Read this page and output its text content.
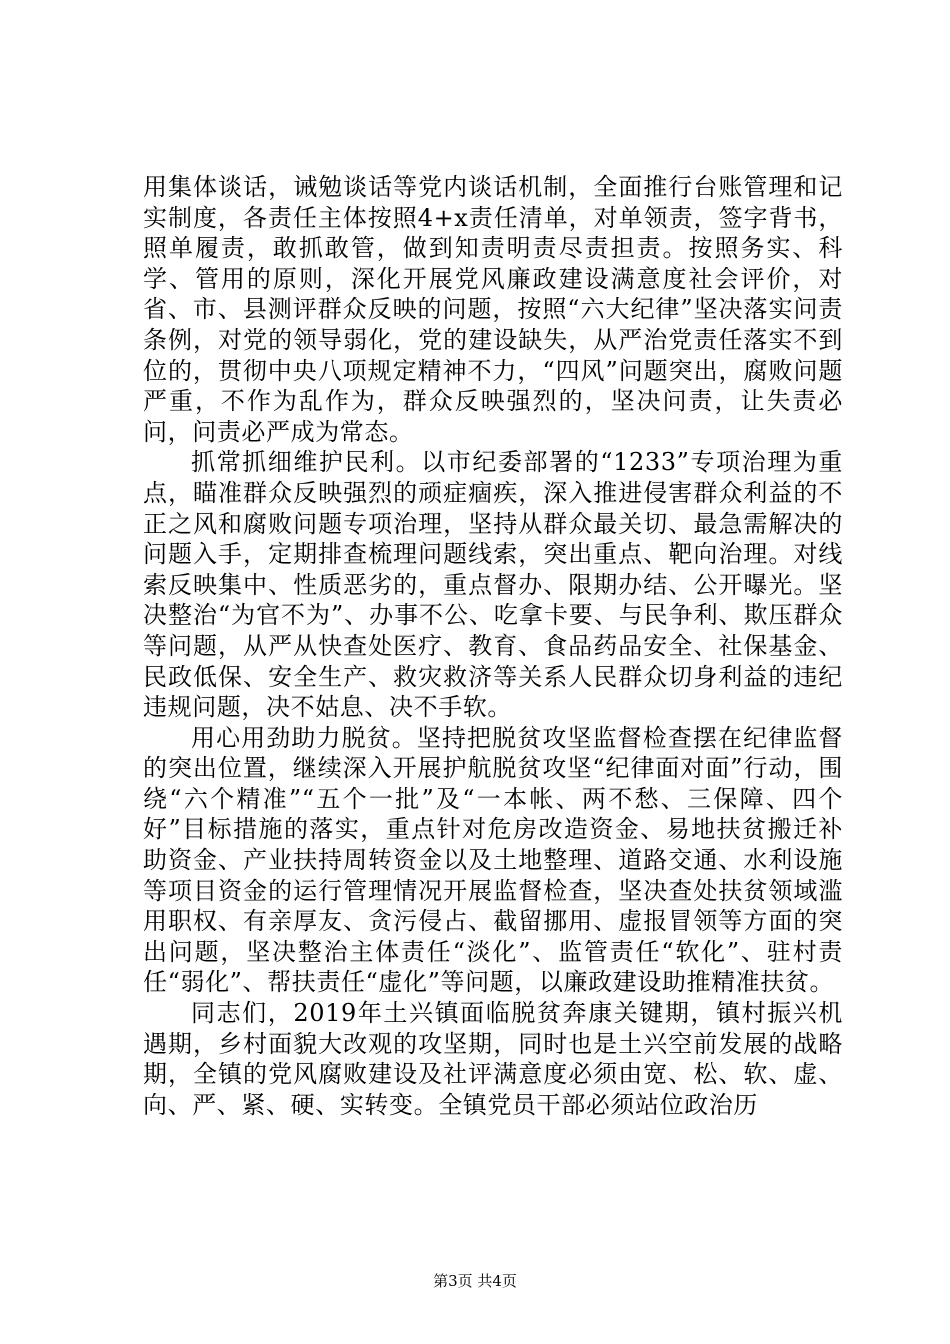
用集体谈话，诫勉谈话等党内谈话机制，全面推行台账管理和记实制度，各责任主体按照4+x责任清单，对单领责，签字背书，照单履责，敢抓敢管，做到知责明责尽责担责。按照务实、科学、管用的原则，深化开展党风廉政建设满意度社会评价，对省、市、县测评群众反映的问题，按照“六大纪律”坚决落实问责条例，对党的领导弱化，党的建设缺失，从严治党责任落实不到位的，贯彻中央八项规定精神不力，“四风”问题突出，腐败问题严重，不作为乱作为，群众反映强烈的，坚决问责，让失责必问，问责必严成为常态。

抓常抓细维护民利。以市纪委部署的“1233”专项治理为重点，瞄准群众反映强烈的顽症痼疾，深入推进侵害群众利益的不正之风和腐败问题专项治理，坚持从群众最关切、最急需解决的问题入手，定期排查梳理问题线索，突出重点、靶向治理。对线索反映集中、性质恶劣的，重点督办、限期办结、公开曝光。坚决整治“为官不为”、办事不公、吃拿卡要、与民争利、欺压群众等问题，从严从快查处医疗、教育、食品药品安全、社保基金、民政低保、安全生产、救灾救济等关系人民群众切身利益的违纪违规问题，决不姑息、决不手软。

用心用劲助力脱贫。坚持把脱贫攻坚监督检查摆在纪律监督的突出位置，继续深入开展护航脱贫攻坚“纪律面对面”行动，围绕“六个精准”“五个一批”及“一本帐、两不愁、三保障、四个好”目标措施的落实，重点针对危房改造资金、易地扶贫搬迁补助资金、产业扶持周转资金以及土地整理、道路交通、水利设施等项目资金的运行管理情况开展监督检查，坚决查处扶贫领域滥用职权、有亲厚友、贪污侵占、截留挪用、虚报冒领等方面的突出问题，坚决整治主体责任“淡化”、监管责任“软化”、驻村责任“弱化”、帮扶责任“虚化”等问题，以廉政建设助推精准扶贫。

同志们，2019年土兴镇面临脱贫奔康关键期，镇村振兴机遇期，乡村面貌大改观的攻坚期，同时也是土兴空前发展的战略期，全镇的党风腐败建设及社评满意度必须由宽、松、软、虚、向、严、紧、硬、实转变。全镇党员干部必须站位政治历

第3页 共4页
